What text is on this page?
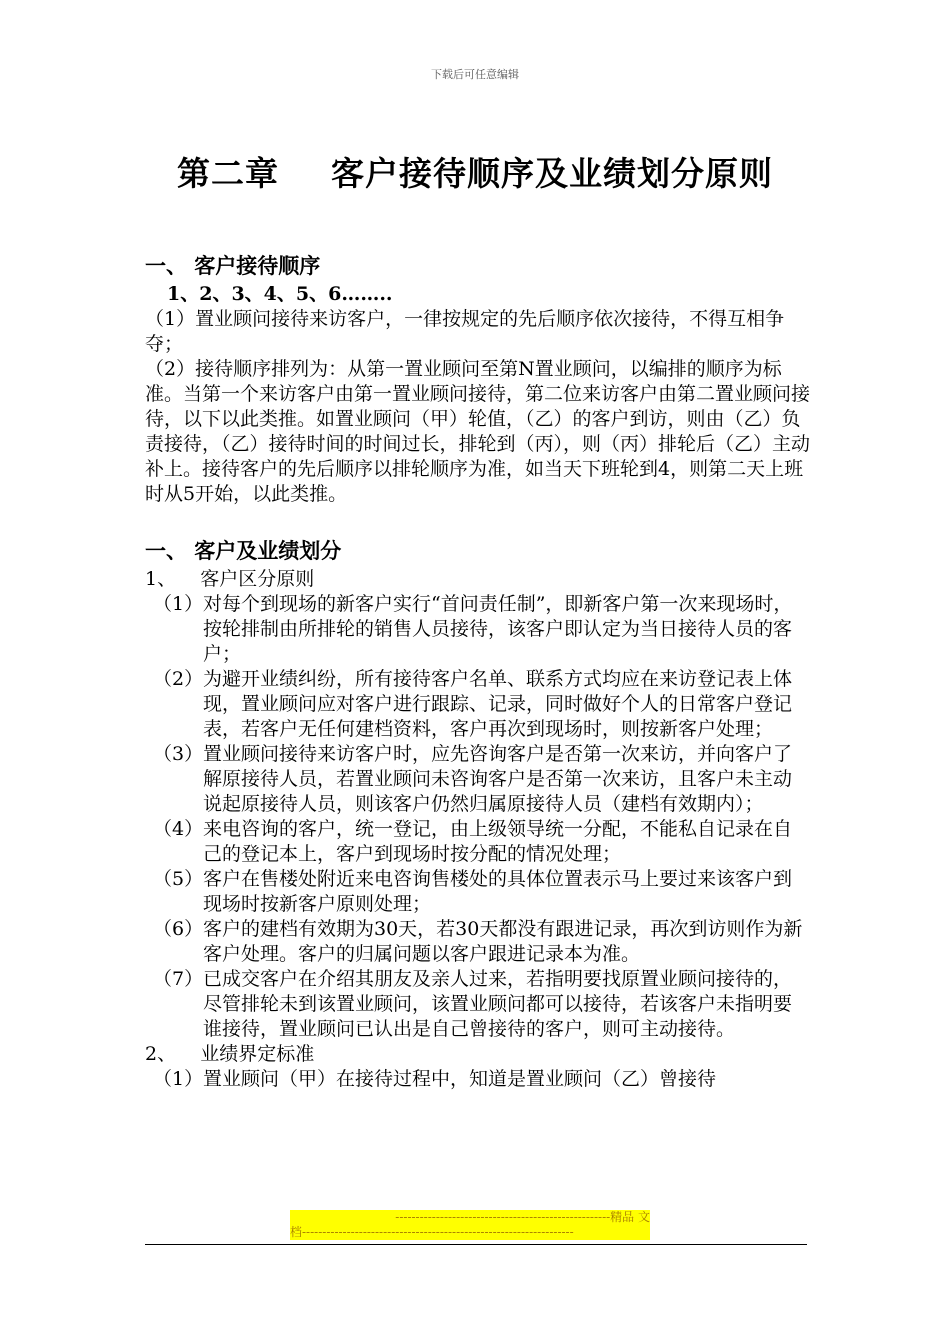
下载后可任意编辑
第二章 客户接待顺序及业绩划分原则
一、 客户接待顺序
1、2、3、4、5、6……..
（1）置业顾问接待来访客户，一律按规定的先后顺序依次接待，不得互相争夺；
（2）接待顺序排列为：从第一置业顾问至第N置业顾问，以编排的顺序为标准。当第一个来访客户由第一置业顾问接待，第二位来访客户由第二置业顾问接待，以下以此类推。如置业顾问（甲）轮值，（乙）的客户到访，则由（乙）负责接待，（乙）接待时间的时间过长，排轮到（丙），则（丙）排轮后（乙）主动补上。接待客户的先后顺序以排轮顺序为准，如当天下班轮到4，则第二天上班时从5开始，以此类推。
一、 客户及业绩划分
1、    客户区分原则
（1） 对每个到现场的新客户实行“首问责任制”，即新客户第一次来现场时，按轮排制由所排轮的销售人员接待，该客户即认定为当日接待人员的客户；
（2） 为避开业绩纠纷，所有接待客户名单、联系方式均应在来访登记表上体现，置业顾问应对客户进行跟踪、记录，同时做好个人的日常客户登记表，若客户无任何建档资料，客户再次到现场时，则按新客户处理；
（3） 置业顾问接待来访客户时，应先咨询客户是否第一次来访，并向客户了解原接待人员，若置业顾问未咨询客户是否第一次来访，且客户未主动说起原接待人员，则该客户仍然归属原接待人员（建档有效期内）；
（4） 来电咨询的客户，统一登记，由上级领导统一分配，不能私自记录在自己的登记本上，客户到现场时按分配的情况处理；
（5） 客户在售楼处附近来电咨询售楼处的具体位置表示马上要过来该客户到现场时按新客户原则处理；
（6） 客户的建档有效期为30天，若30天都没有跟进记录，再次到访则作为新客户处理。客户的归属问题以客户跟进记录本为准。
（7） 已成交客户在介绍其朋友及亲人过来，若指明要找原置业顾问接待的，尽管排轮未到该置业顾问，该置业顾问都可以接待，若该客户未指明要谁接待，置业顾问已认出是自己曾接待的客户，则可主动接待。
2、    业绩界定标准
（1） 置业顾问（甲）在接待过程中，知道是置业顾问（乙）曾接待
-----------------------------------------------------精品 文
档-------------------------------------------------------------------
